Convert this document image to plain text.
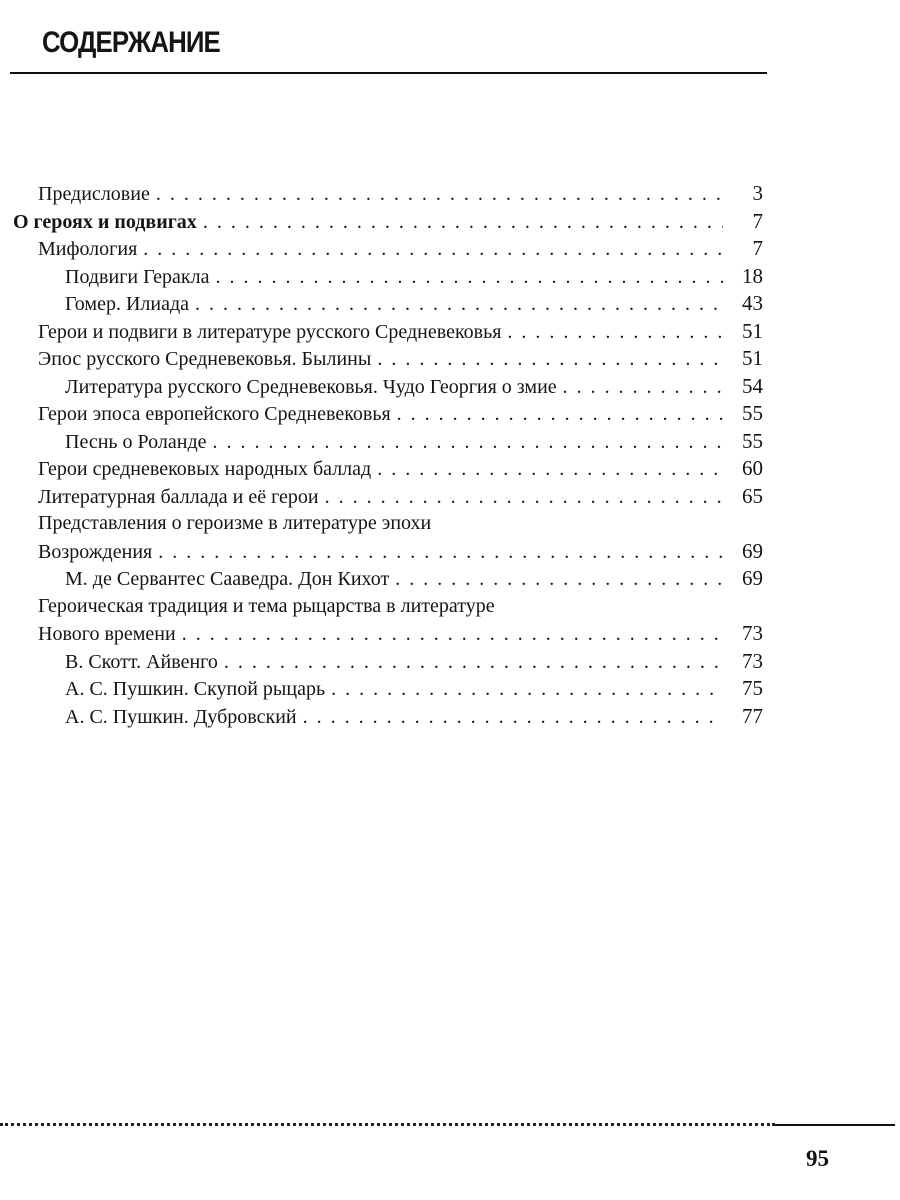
СОДЕРЖАНИЕ
Предисловие . . .	3
О героях и подвигах . . .	7
Мифология . . .	7
Подвиги Геракла . . .	18
Гомер. Илиада . . .	43
Герои и подвиги в литературе русского Средневековья . . .	51
Эпос русского Средневековья. Былины . . .	51
Литература русского Средневековья. Чудо Георгия о змие . . .	54
Герои эпоса европейского Средневековья . . .	55
Песнь о Роланде . . .	55
Герои средневековых народных баллад . . .	60
Литературная баллада и её герои . . .	65
Представления о героизме в литературе эпохи
Возрождения . . .	69
М. де Сервантес Сааведра. Дон Кихот . . .	69
Героическая традиция и тема рыцарства в литературе
Нового времени . . .	73
В. Скотт. Айвенго . . .	73
А. С. Пушкин. Скупой рыцарь . . .	75
А. С. Пушкин. Дубровский . . .	77
95
